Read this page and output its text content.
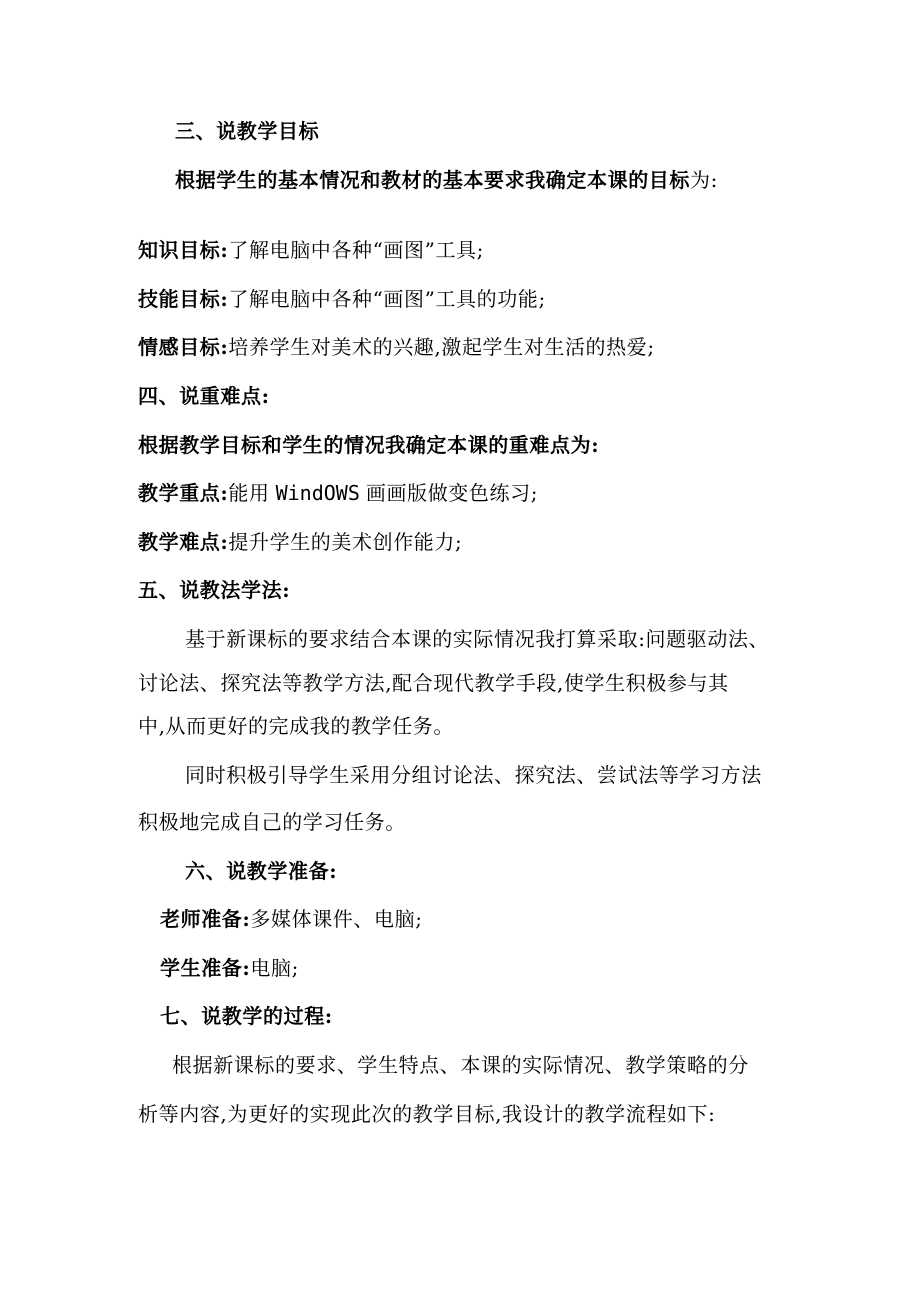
三、说教学目标
根据学生的基本情况和教材的基本要求我确定本课的目标为:
知识目标:了解电脑中各种“画图”工具;
技能目标:了解电脑中各种“画图”工具的功能;
情感目标:培养学生对美术的兴趣,激起学生对生活的热爱;
四、说重难点:
根据教学目标和学生的情况我确定本课的重难点为:
教学重点:能用 WindOWS 画画版做变色练习;
教学难点:提升学生的美术创作能力;
五、说教法学法:
基于新课标的要求结合本课的实际情况我打算采取:问题驱动法、
讨论法、探究法等教学方法,配合现代教学手段,使学生积极参与其
中,从而更好的完成我的教学任务。
同时积极引导学生采用分组讨论法、探究法、尝试法等学习方法
积极地完成自己的学习任务。
六、说教学准备:
老师准备:多媒体课件、电脑;
学生准备:电脑;
七、说教学的过程:
根据新课标的要求、学生特点、本课的实际情况、教学策略的分
析等内容,为更好的实现此次的教学目标,我设计的教学流程如下:
